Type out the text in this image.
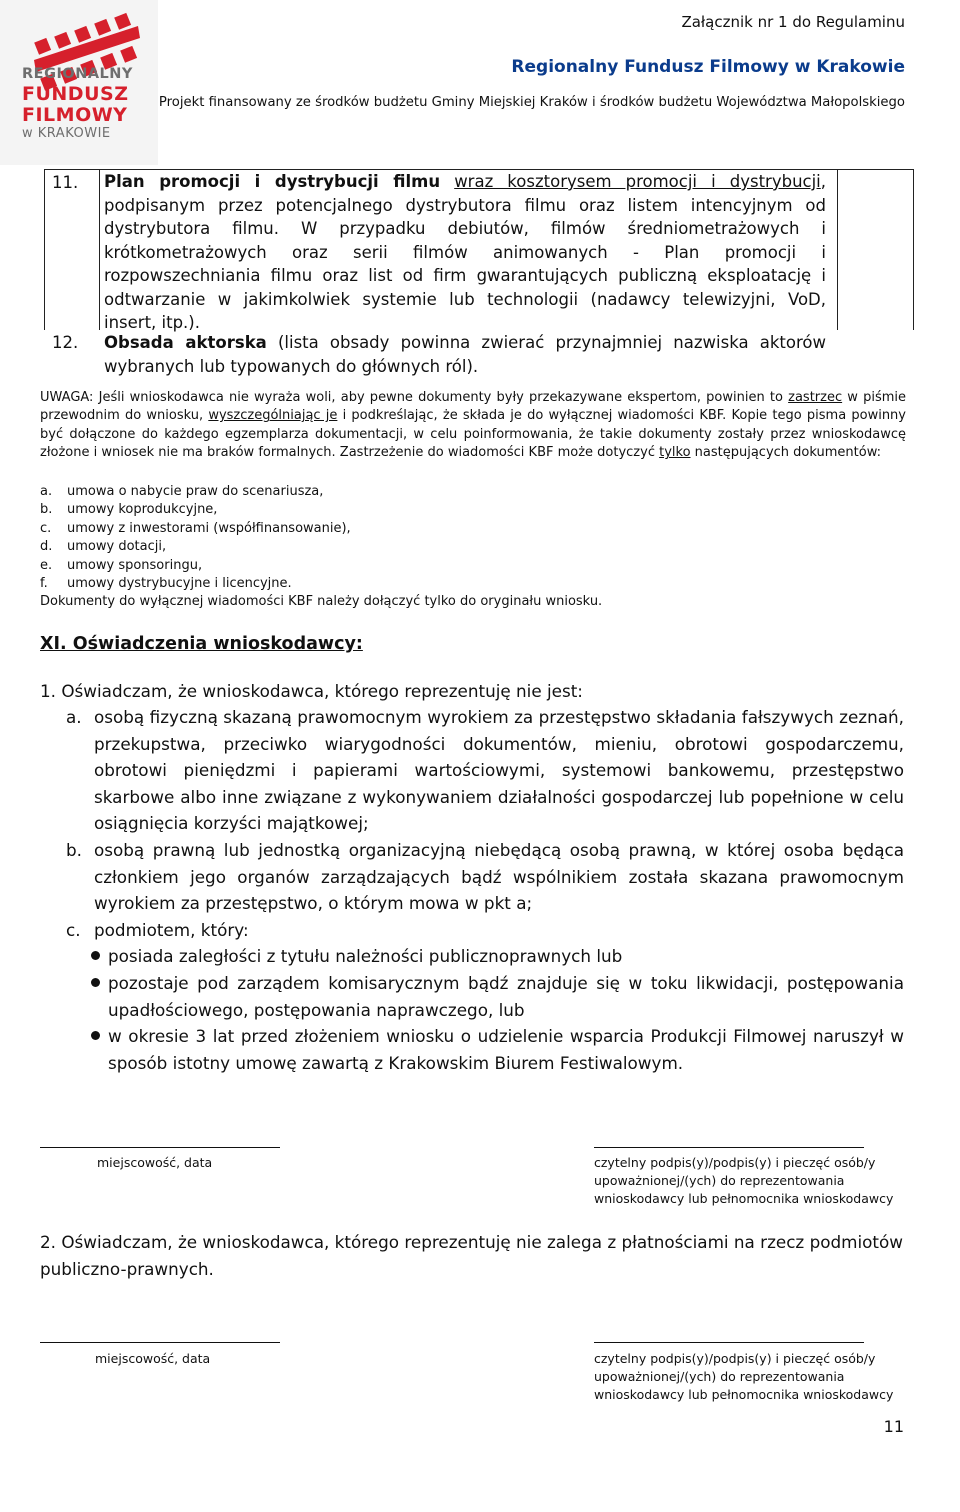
REGIONALNY
FUNDUSZ
FILMOWY
w KRAKOWIE
Załącznik nr 1 do Regulaminu
Regionalny Fundusz Filmowy w Krakowie
Projekt finansowany ze środków budżetu Gminy Miejskiej Kraków i środków budżetu Województwa Małopolskiego
11. Plan promocji i dystrybucji filmu wraz kosztorysem promocji i dystrybucji, podpisanym przez potencjalnego dystrybutora filmu oraz listem intencyjnym od dystrybutora filmu. W przypadku debiutów, filmów średniometrażowych i krótkometrażowych oraz serii filmów animowanych - Plan promocji i rozpowszechniania filmu oraz list od firm gwarantujących publiczną eksploatację i odtwarzanie w jakimkolwiek systemie lub technologii (nadawcy telewizyjni, VoD, insert, itp.).
12. Obsada aktorska (lista obsady powinna zwierać przynajmniej nazwiska aktorów wybranych lub typowanych do głównych ról).
UWAGA: Jeśli wnioskodawca nie wyraża woli, aby pewne dokumenty były przekazywane ekspertom, powinien to zastrzec w piśmie przewodnim do wniosku, wyszczególniając je i podkreślając, że składa je do wyłącznej wiadomości KBF. Kopie tego pisma powinny być dołączone do każdego egzemplarza dokumentacji, w celu poinformowania, że takie dokumenty zostały przez wnioskodawcę złożone i wniosek nie ma braków formalnych. Zastrzeżenie do wiadomości KBF może dotyczyć tylko następujących dokumentów:
a.	umowa o nabycie praw do scenariusza,
b.	umowy koprodukcyjne,
c.	umowy z inwestorami (współfinansowanie),
d.	umowy dotacji,
e.	umowy sponsoringu,
f.	umowy dystrybucyjne i licencyjne.
Dokumenty do wyłącznej wiadomości KBF należy dołączyć tylko do oryginału wniosku.
XI. Oświadczenia wnioskodawcy:
1. Oświadczam, że wnioskodawca, którego reprezentuję nie jest:
a. osobą fizyczną skazaną prawomocnym wyrokiem za przestępstwo składania fałszywych zeznań, przekupstwa, przeciwko wiarygodności dokumentów, mieniu, obrotowi gospodarczemu, obrotowi pieniędzmi i papierami wartościowymi, systemowi bankowemu, przestępstwo skarbowe albo inne związane z wykonywaniem działalności gospodarczej lub popełnione w celu osiągnięcia korzyści majątkowej;
b. osobą prawną lub jednostką organizacyjną niebędącą osobą prawną, w której osoba będąca członkiem jego organów zarządzających bądź wspólnikiem została skazana prawomocnym wyrokiem za przestępstwo, o którym mowa w pkt a;
c. podmiotem, który:
posiada zaległości z tytułu należności publicznoprawnych lub
pozostaje pod zarządem komisarycznym bądź znajduje się w toku likwidacji, postępowania upadłościowego, postępowania naprawczego, lub
w okresie 3 lat przed złożeniem wniosku o udzielenie wsparcia Produkcji Filmowej naruszył w sposób istotny umowę zawartą z Krakowskim Biurem Festiwalowym.
miejscowość, data	czytelny podpis(y)/podpis(y) i pieczęć osób/y
upoważnionej/(ych) do reprezentowania
wnioskodawcy lub pełnomocnika wnioskodawcy
2. Oświadczam, że wnioskodawca, którego reprezentuję nie zalega z płatnościami na rzecz podmiotów publiczno-prawnych.
miejscowość, data	czytelny podpis(y)/podpis(y) i pieczęć osób/y
upoważnionej/(ych) do reprezentowania
wnioskodawcy lub pełnomocnika wnioskodawcy
11
